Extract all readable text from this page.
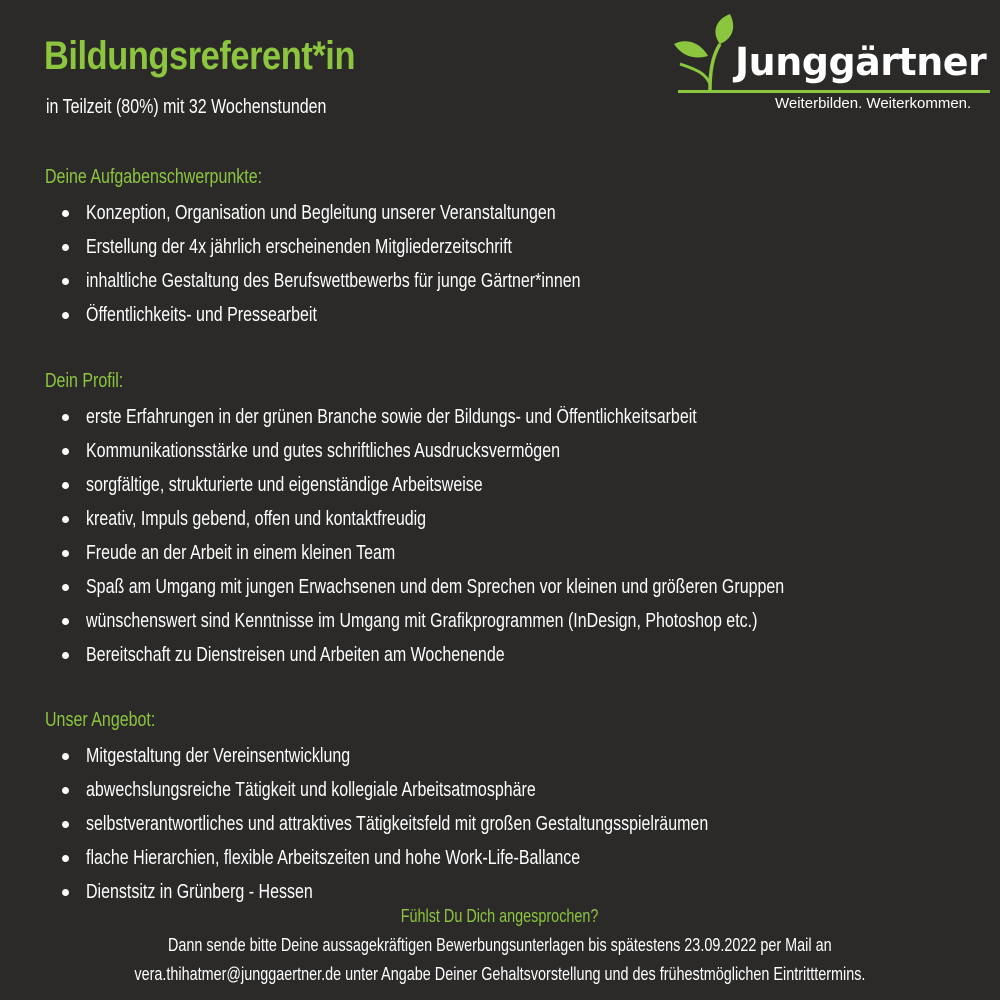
Bildungsreferent*in
in Teilzeit (80%) mit 32 Wochenstunden
Junggärtner
Weiterbilden. Weiterkommen.
Deine Aufgabenschwerpunkte:
Konzeption, Organisation und Begleitung unserer Veranstaltungen
Erstellung der 4x jährlich erscheinenden Mitgliederzeitschrift
inhaltliche Gestaltung des Berufswettbewerbs für junge Gärtner*innen
Öffentlichkeits- und Pressearbeit
Dein Profil:
erste Erfahrungen in der grünen Branche sowie der Bildungs- und Öffentlichkeitsarbeit
Kommunikationsstärke und gutes schriftliches Ausdrucksvermögen
sorgfältige, strukturierte und eigenständige Arbeitsweise
kreativ, Impuls gebend, offen und kontaktfreudig
Freude an der Arbeit in einem kleinen Team
Spaß am Umgang mit jungen Erwachsenen und dem Sprechen vor kleinen und größeren Gruppen
wünschenswert sind Kenntnisse im Umgang mit Grafikprogrammen (InDesign, Photoshop etc.)
Bereitschaft zu Dienstreisen und Arbeiten am Wochenende
Unser Angebot:
Mitgestaltung der Vereinsentwicklung
abwechslungsreiche Tätigkeit und kollegiale Arbeitsatmosphäre
selbstverantwortliches und attraktives Tätigkeitsfeld mit großen Gestaltungsspielräumen
flache Hierarchien, flexible Arbeitszeiten und hohe Work-Life-Ballance
Dienstsitz in Grünberg - Hessen
Fühlst Du Dich angesprochen?
Dann sende bitte Deine aussagekräftigen Bewerbungsunterlagen bis spätestens 23.09.2022 per Mail an
vera.thihatmer@junggaertner.de unter Angabe Deiner Gehaltsvorstellung und des frühestmöglichen Eintritttermins.
